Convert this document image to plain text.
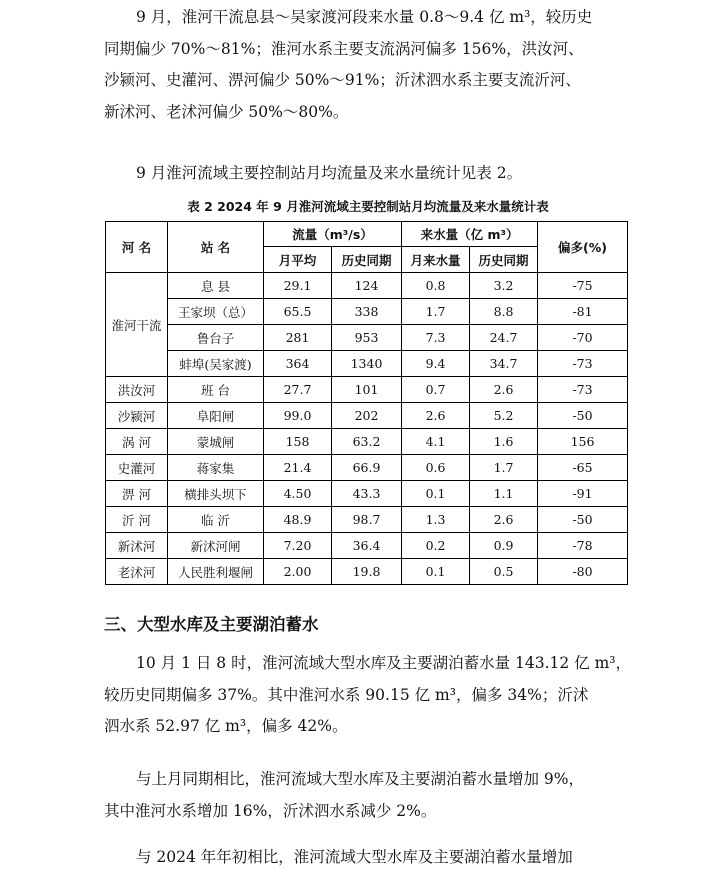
9 月，淮河干流息县～吴家渡河段来水量 0.8～9.4 亿 m³，较历史
同期偏少 70%～81%；淮河水系主要支流涡河偏多 156%，洪汝河、
沙颍河、史灌河、淠河偏少 50%～91%；沂沭泗水系主要支流沂河、
新沭河、老沭河偏少 50%～80%。
9 月淮河流域主要控制站月均流量及来水量统计见表 2。
表 2 2024 年 9 月淮河流域主要控制站月均流量及来水量统计表
河 名	站 名	流量（m³/s）		来水量（亿 m³）		偏多(%)
		月平均	历史同期	月来水量	历史同期	
淮河干流	息 县	29.1	124	0.8	3.2	-75
	王家坝（总）	65.5	338	1.7	8.8	-81
	鲁台子	281	953	7.3	24.7	-70
	蚌埠(吴家渡)	364	1340	9.4	34.7	-73
洪汝河	班 台	27.7	101	0.7	2.6	-73
沙颍河	阜阳闸	99.0	202	2.6	5.2	-50
涡 河	蒙城闸	158	63.2	4.1	1.6	156
史灌河	蒋家集	21.4	66.9	0.6	1.7	-65
淠 河	横排头坝下	4.50	43.3	0.1	1.1	-91
沂 河	临 沂	48.9	98.7	1.3	2.6	-50
新沭河	新沭河闸	7.20	36.4	0.2	0.9	-78
老沭河	人民胜利堰闸	2.00	19.8	0.1	0.5	-80
三、大型水库及主要湖泊蓄水
10 月 1 日 8 时，淮河流域大型水库及主要湖泊蓄水量 143.12 亿 m³，
较历史同期偏多 37%。其中淮河水系 90.15 亿 m³，偏多 34%；沂沭
泗水系 52.97 亿 m³，偏多 42%。
与上月同期相比，淮河流域大型水库及主要湖泊蓄水量增加 9%，
其中淮河水系增加 16%，沂沭泗水系减少 2%。
与 2024 年年初相比，淮河流域大型水库及主要湖泊蓄水量增加
